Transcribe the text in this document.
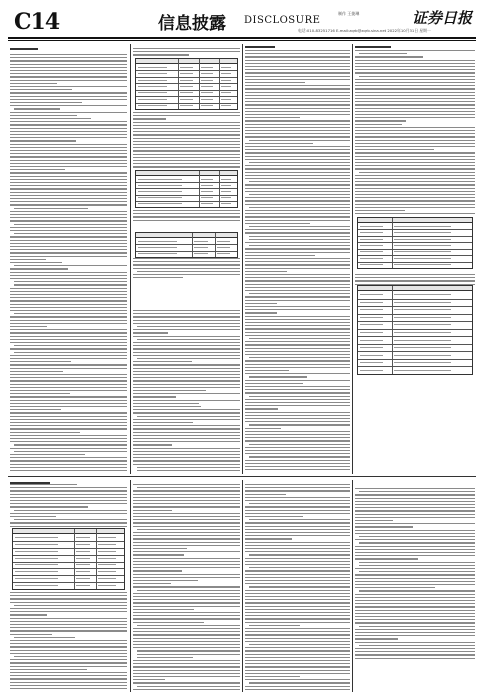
C14	信息披露 DISCLOSURE
制作 王拢琳
电话:010-83251716 E-mail:zqrb@zqrb.sina.net 2022年10月31日 星期一
证券日报
